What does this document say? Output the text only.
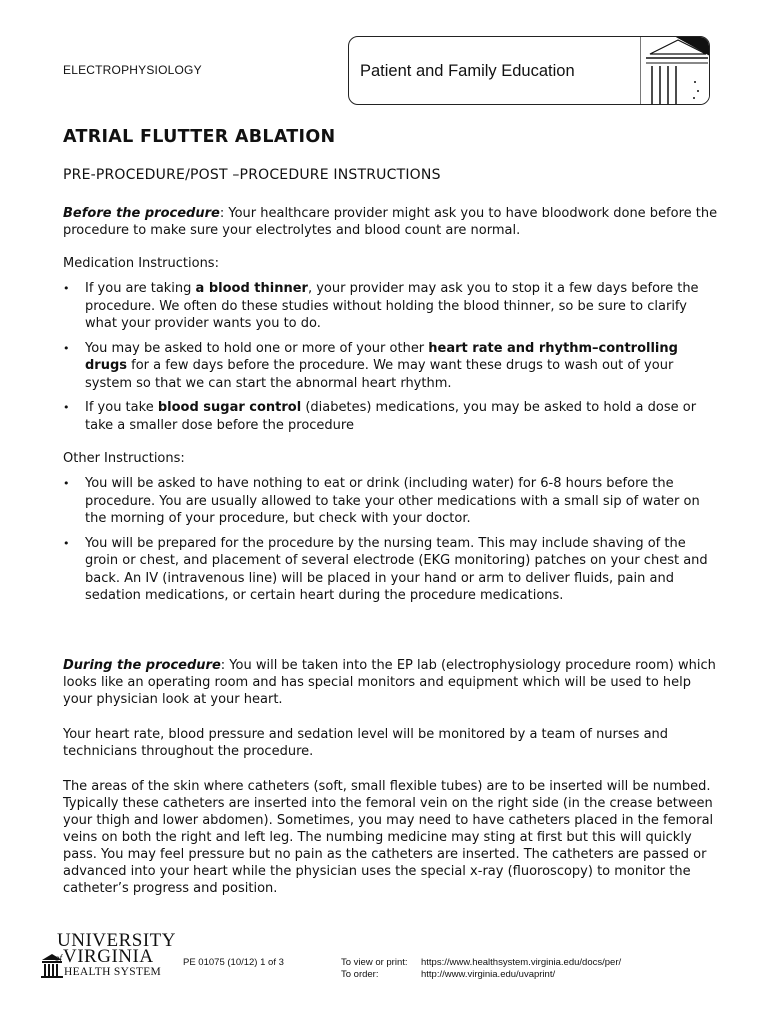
ELECTROPHYSIOLOGY	Patient and Family Education
ATRIAL FLUTTER ABLATION
PRE-PROCEDURE/POST –PROCEDURE INSTRUCTIONS
Before the procedure: Your healthcare provider might ask you to have bloodwork done before the procedure to make sure your electrolytes and blood count are normal.
Medication Instructions:
• If you are taking a blood thinner, your provider may ask you to stop it a few days before the procedure. We often do these studies without holding the blood thinner, so be sure to clarify what your provider wants you to do.
• You may be asked to hold one or more of your other heart rate and rhythm–controlling drugs for a few days before the procedure. We may want these drugs to wash out of your system so that we can start the abnormal heart rhythm.
• If you take blood sugar control (diabetes) medications, you may be asked to hold a dose or take a smaller dose before the procedure
Other Instructions:
• You will be asked to have nothing to eat or drink (including water) for 6-8 hours before the procedure. You are usually allowed to take your other medications with a small sip of water on the morning of your procedure, but check with your doctor.
• You will be prepared for the procedure by the nursing team. This may include shaving of the groin or chest, and placement of several electrode (EKG monitoring) patches on your chest and back. An IV (intravenous line) will be placed in your hand or arm to deliver fluids, pain and sedation medications, or certain heart during the procedure medications.
During the procedure: You will be taken into the EP lab (electrophysiology procedure room) which looks like an operating room and has special monitors and equipment which will be used to help your physician look at your heart.
Your heart rate, blood pressure and sedation level will be monitored by a team of nurses and technicians throughout the procedure.
The areas of the skin where catheters (soft, small flexible tubes) are to be inserted will be numbed. Typically these catheters are inserted into the femoral vein on the right side (in the crease between your thigh and lower abdomen). Sometimes, you may need to have catheters placed in the femoral veins on both the right and left leg. The numbing medicine may sting at first but this will quickly pass. You may feel pressure but no pain as the catheters are inserted. The catheters are passed or advanced into your heart while the physician uses the special x-ray (fluoroscopy) to monitor the catheter’s progress and position.
UNIVERSITY
of VIRGINIA
HEALTH SYSTEM
PE 01075 (10/12) 1 of 3	To view or print: https://www.healthsystem.virginia.edu/docs/per/
To order:	http://www.virginia.edu/uvaprint/
